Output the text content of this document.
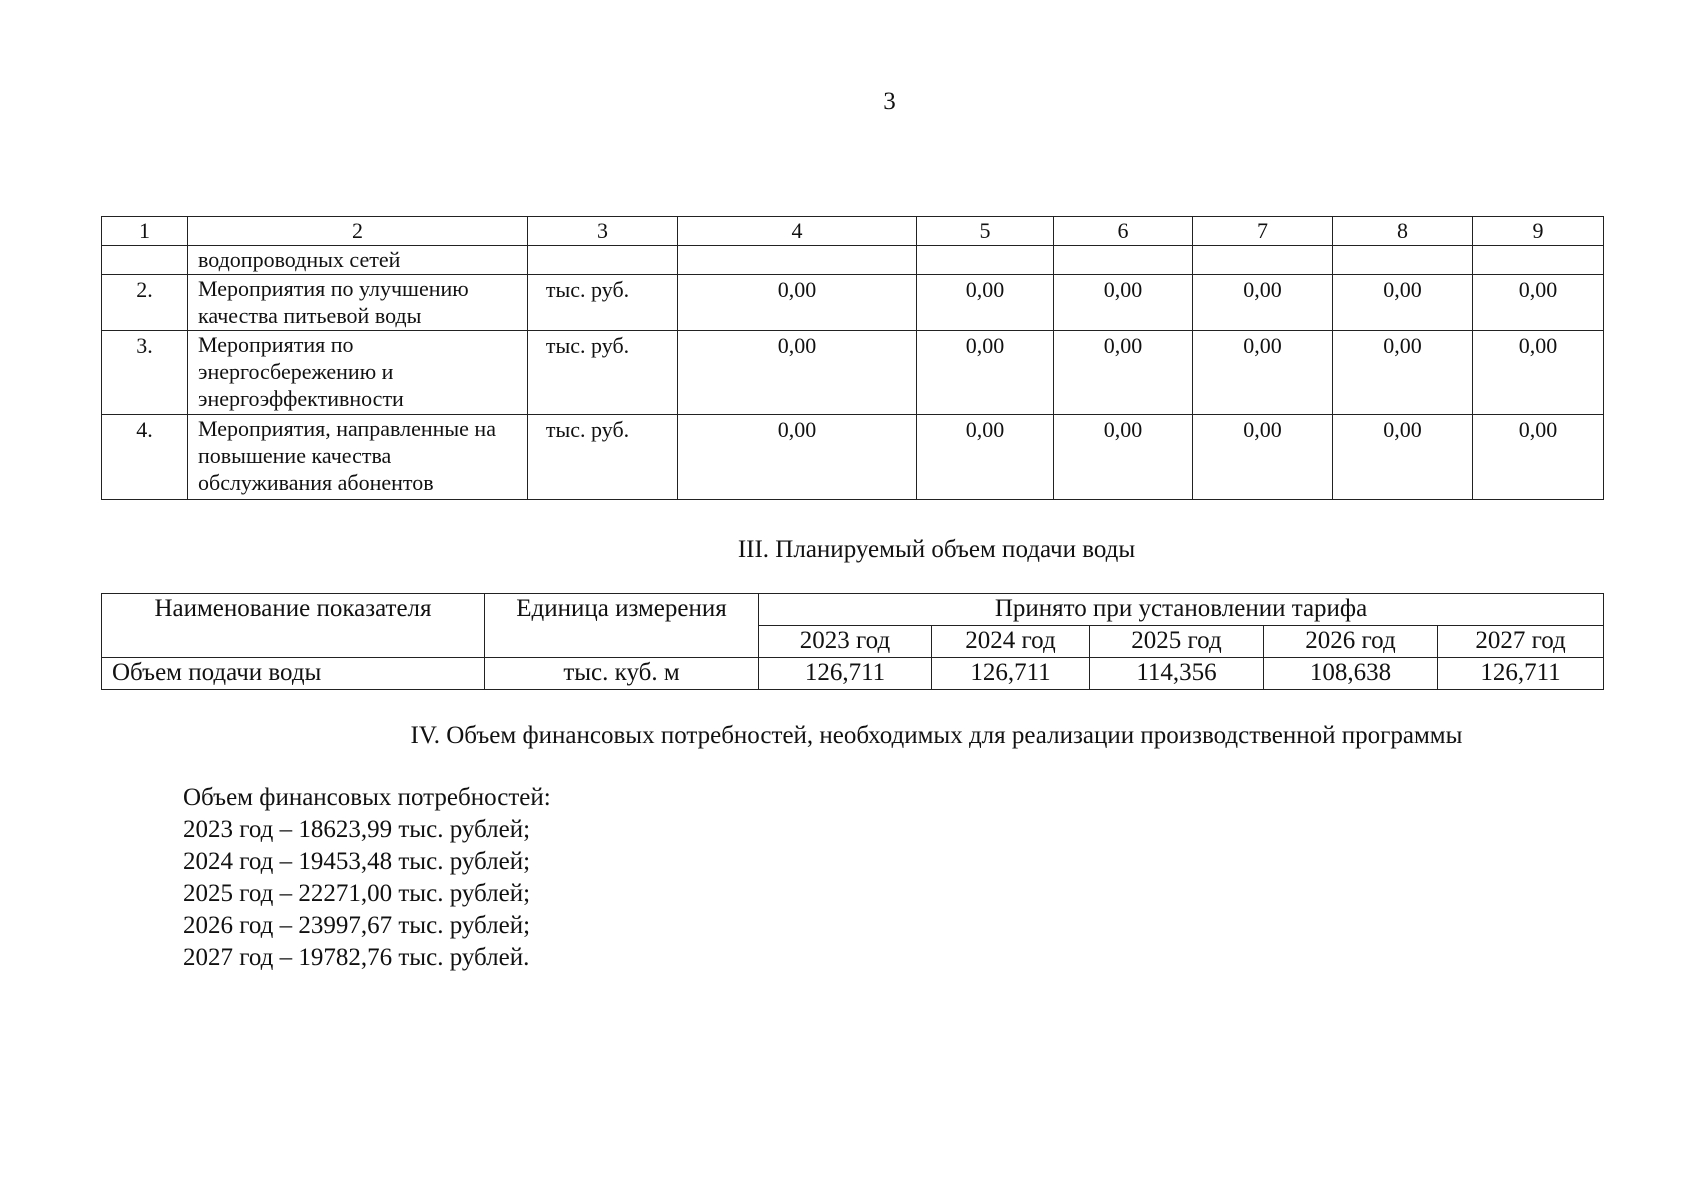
3
1	2	3	4	5	6	7	8	9
	водопроводных сетей							
2.	Мероприятия по улучшению качества питьевой воды	тыс. руб.	0,00	0,00	0,00	0,00	0,00	0,00
3.	Мероприятия по энергосбережению и энергоэффективности	тыс. руб.	0,00	0,00	0,00	0,00	0,00	0,00
4.	Мероприятия, направленные на повышение качества обслуживания абонентов	тыс. руб.	0,00	0,00	0,00	0,00	0,00	0,00
III. Планируемый объем подачи воды
Наименование показателя	Единица измерения	Принято при установлении тарифа				
		2023 год	2024 год	2025 год	2026 год	2027 год
Объем подачи воды	тыс. куб. м	126,711	126,711	114,356	108,638	126,711
IV. Объем финансовых потребностей, необходимых для реализации производственной программы
Объем финансовых потребностей:
2023 год – 18623,99 тыс. рублей;
2024 год – 19453,48 тыс. рублей;
2025 год – 22271,00 тыс. рублей;
2026 год – 23997,67 тыс. рублей;
2027 год – 19782,76 тыс. рублей.
